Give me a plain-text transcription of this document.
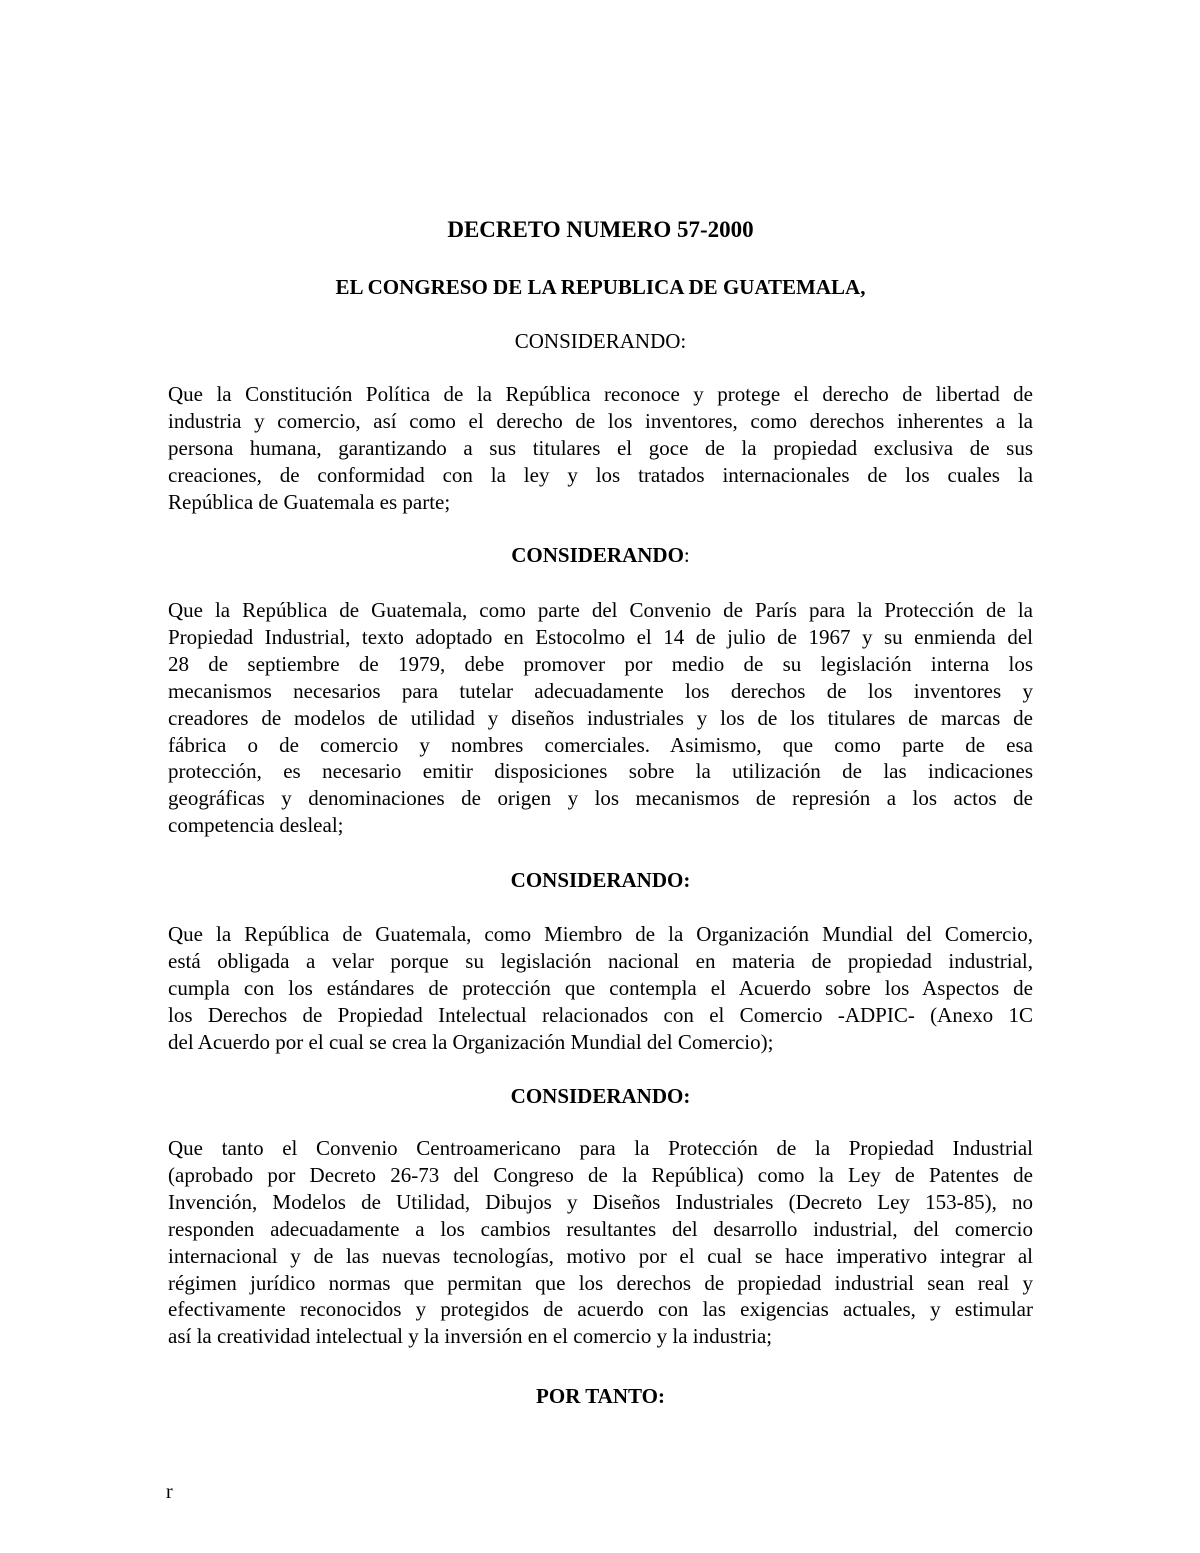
DECRETO NUMERO 57-2000
EL CONGRESO DE LA REPUBLICA DE GUATEMALA,
CONSIDERANDO:
Que la Constitución Política de la República reconoce y protege el derecho de libertad de
industria y comercio, así como el derecho de los inventores, como derechos inherentes a la
persona humana, garantizando a sus titulares el goce de la propiedad exclusiva de sus
creaciones, de conformidad con la ley y los tratados internacionales de los cuales la
República de Guatemala es parte;
CONSIDERANDO:
Que la República de Guatemala, como parte del Convenio de París para la Protección de la
Propiedad Industrial, texto adoptado en Estocolmo el 14 de julio de 1967 y su enmienda del
28 de septiembre de 1979, debe promover por medio de su legislación interna los
mecanismos necesarios para tutelar adecuadamente los derechos de los inventores y
creadores de modelos de utilidad y diseños industriales y los de los titulares de marcas de
fábrica o de comercio y nombres comerciales. Asimismo, que como parte de esa
protección, es necesario emitir disposiciones sobre la utilización de las indicaciones
geográficas y denominaciones de origen y los mecanismos de represión a los actos de
competencia desleal;
CONSIDERANDO:
Que la República de Guatemala, como Miembro de la Organización Mundial del Comercio,
está obligada a velar porque su legislación nacional en materia de propiedad industrial,
cumpla con los estándares de protección que contempla el Acuerdo sobre los Aspectos de
los Derechos de Propiedad Intelectual relacionados con el Comercio -ADPIC- (Anexo 1C
del Acuerdo por el cual se crea la Organización Mundial del Comercio);
CONSIDERANDO:
Que tanto el Convenio Centroamericano para la Protección de la Propiedad Industrial
(aprobado por Decreto 26-73 del Congreso de la República) como la Ley de Patentes de
Invención, Modelos de Utilidad, Dibujos y Diseños Industriales (Decreto Ley 153-85), no
responden adecuadamente a los cambios resultantes del desarrollo industrial, del comercio
internacional y de las nuevas tecnologías, motivo por el cual se hace imperativo integrar al
régimen jurídico normas que permitan que los derechos de propiedad industrial sean real y
efectivamente reconocidos y protegidos de acuerdo con las exigencias actuales, y estimular
así la creatividad intelectual y la inversión en el comercio y la industria;
POR TANTO:
r
